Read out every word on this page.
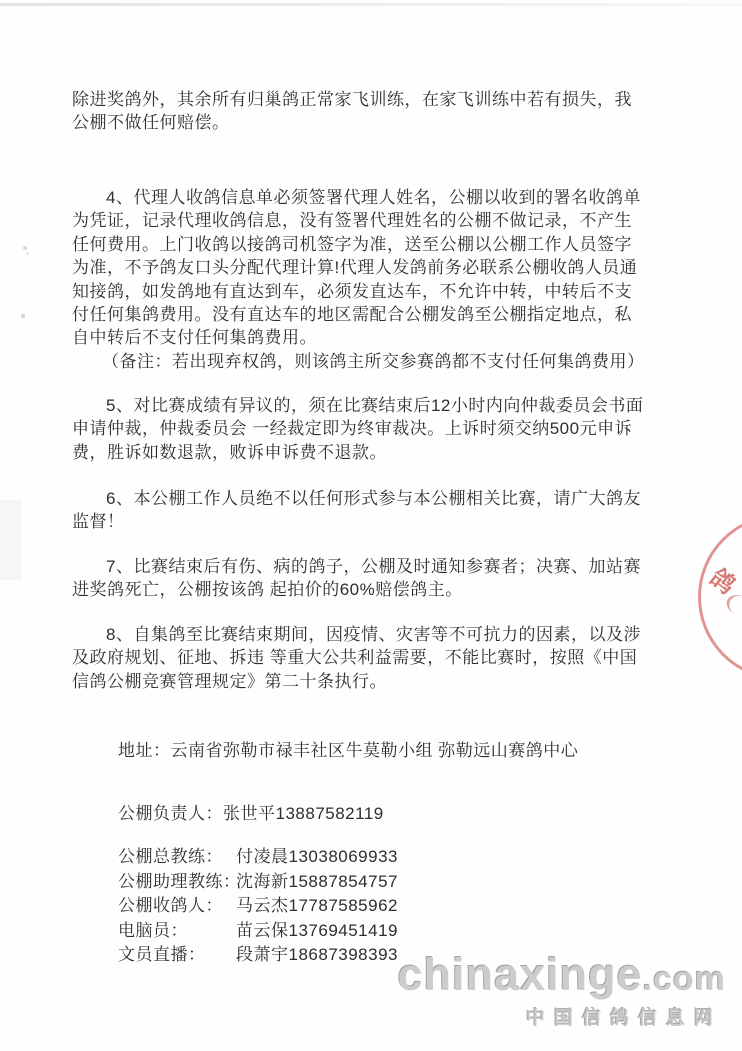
除进奖鸽外，其余所有归巢鸽正常家飞训练，在家飞训练中若有损失，我
公棚不做任何赔偿。
4、代理人收鸽信息单必须签署代理人姓名，公棚以收到的署名收鸽单
为凭证，记录代理收鸽信息，没有签署代理姓名的公棚不做记录，不产生
任何费用。上门收鸽以接鸽司机签字为准，送至公棚以公棚工作人员签字
为准，不予鸽友口头分配代理计算!代理人发鸽前务必联系公棚收鸽人员通
知接鸽，如发鸽地有直达到车，必须发直达车，不允许中转，中转后不支
付任何集鸽费用。没有直达车的地区需配合公棚发鸽至公棚指定地点，私
自中转后不支付任何集鸽费用。
（备注：若出现弃权鸽，则该鸽主所交参赛鸽都不支付任何集鸽费用）
5、对比赛成绩有异议的，须在比赛结束后12小时内向仲裁委员会书面
申请仲裁，仲裁委员会 一经裁定即为终审裁决。上诉时须交纳500元申诉
费，胜诉如数退款，败诉申诉费不退款。
6、本公棚工作人员绝不以任何形式参与本公棚相关比赛，请广大鸽友
监督！
7、比赛结束后有伤、病的鸽子，公棚及时通知参赛者；决赛、加站赛
进奖鸽死亡，公棚按该鸽 起拍价的60%赔偿鸽主。
8、自集鸽至比赛结束期间，因疫情、灾害等不可抗力的因素，以及涉
及政府规划、征地、拆违 等重大公共利益需要，不能比赛时，按照《中国
信鸽公棚竞赛管理规定》第二十条执行。
地址：云南省弥勒市禄丰社区牛莫勒小组 弥勒远山赛鸽中心
公棚负责人：张世平13887582119
公棚总教练： 付凌晨13038069933
公棚助理教练：
沈海新15887854757
公棚收鸽人： 马云杰17787585962
电脑员：	苗云保13769451419
文员直播：	段萧宇18687398393
鸽
chinaxinge.com
中国信鸽信息网
